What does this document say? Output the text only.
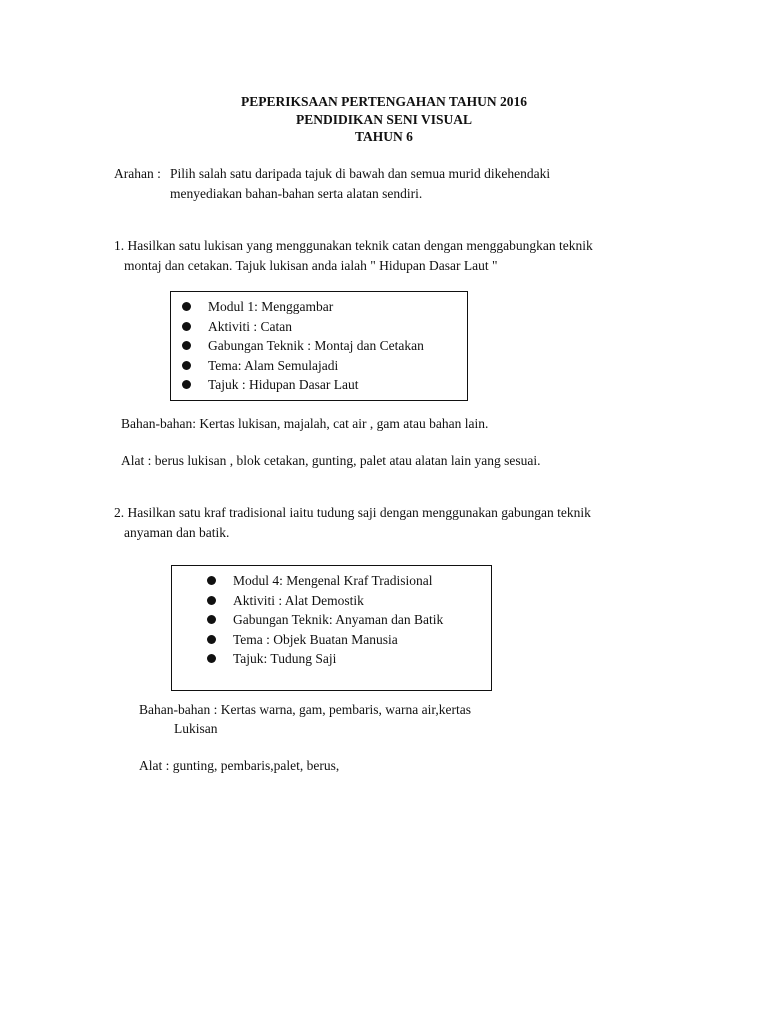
PEPERIKSAAN PERTENGAHAN TAHUN 2016
PENDIDIKAN SENI VISUAL
TAHUN 6
Arahan : Pilih salah satu daripada tajuk di bawah dan semua murid dikehendaki
menyediakan bahan-bahan serta alatan sendiri.
1. Hasilkan satu lukisan yang menggunakan teknik catan dengan menggabungkan teknik
montaj dan cetakan. Tajuk lukisan anda ialah " Hidupan Dasar Laut "
Modul 1: Menggambar
Aktiviti : Catan
Gabungan Teknik : Montaj dan Cetakan
Tema: Alam Semulajadi
Tajuk : Hidupan Dasar Laut
Bahan-bahan: Kertas lukisan, majalah, cat air , gam atau bahan lain.
Alat : berus lukisan , blok cetakan, gunting, palet atau alatan lain yang sesuai.
2. Hasilkan satu kraf tradisional iaitu tudung saji dengan menggunakan gabungan teknik
anyaman dan batik.
Modul 4: Mengenal Kraf Tradisional
Aktiviti : Alat Demostik
Gabungan Teknik: Anyaman dan Batik
Tema : Objek Buatan Manusia
Tajuk: Tudung Saji
Bahan-bahan : Kertas warna, gam, pembaris, warna air,kertas
Lukisan
Alat : gunting, pembaris,palet, berus,
